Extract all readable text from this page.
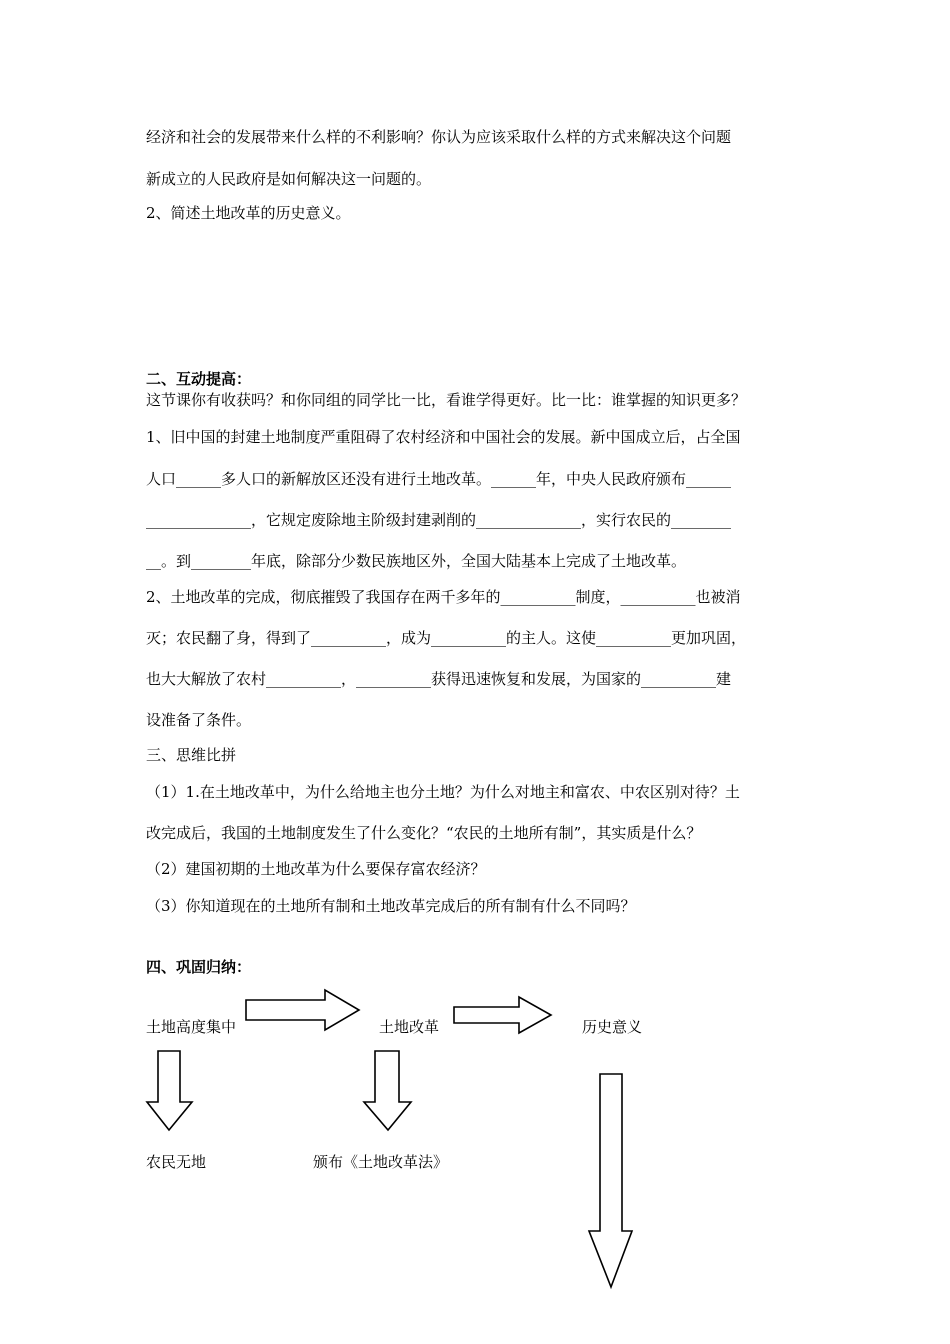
经济和社会的发展带来什么样的不利影响？你认为应该采取什么样的方式来解决这个问题
新成立的人民政府是如何解决这一问题的。
2、简述土地改革的历史意义。
二、互动提高：
这节课你有收获吗？和你同组的同学比一比，看谁学得更好。比一比：谁掌握的知识更多？
1、旧中国的封建土地制度严重阻碍了农村经济和中国社会的发展。新中国成立后，占全国
人口______多人口的新解放区还没有进行土地改革。______年，中央人民政府颁布______
______________，它规定废除地主阶级封建剥削的______________，实行农民的________
__。到________年底，除部分少数民族地区外，全国大陆基本上完成了土地改革。
2、土地改革的完成，彻底摧毁了我国存在两千多年的__________制度，__________也被消
灭；农民翻了身，得到了__________，成为__________的主人。这使__________更加巩固，
也大大解放了农村__________，__________获得迅速恢复和发展，为国家的__________建
设准备了条件。
三、思维比拼
（1）1.在土地改革中，为什么给地主也分土地？为什么对地主和富农、中农区别对待？土
改完成后，我国的土地制度发生了什么变化？“农民的土地所有制”，其实质是什么？
（2）建国初期的土地改革为什么要保存富农经济？
（3）你知道现在的土地所有制和土地改革完成后的所有制有什么不同吗？
四、巩固归纳：
土地高度集中	土地改革	历史意义
农民无地	颁布《土地改革法》
